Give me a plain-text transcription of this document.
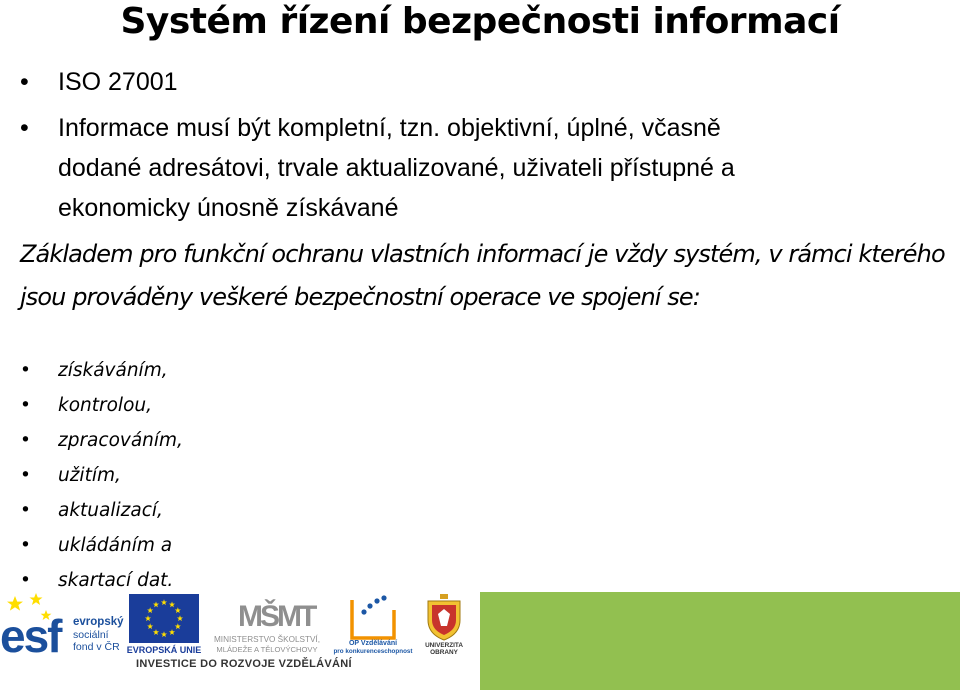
Systém řízení bezpečnosti informací
• ISO 27001
• Informace musí být kompletní, tzn. objektivní, úplné, včasně
dodané adresátovi, trvale aktualizované, uživateli přístupné a
ekonomicky únosně získávané
Základem pro funkční ochranu vlastních informací je vždy systém, v rámci kterého jsou prováděny veškeré bezpečnostní operace ve spojení se:
• získáváním,
• kontrolou,
• zpracováním,
• užitím,
• aktualizací,
• ukládáním a
• skartací dat.
esf evropský
sociální
fond v ČR EVROPSKÁ UNIE
MŠMT
MINISTERSTVO ŠKOLSTVÍ,
MLÁDEŽE A TĚLOVÝCHOVY
OP Vzdělávání
pro konkurenceschopnost
UNIVERZITA
OBRANY
INVESTICE DO ROZVOJE VZDĚLÁVÁNÍ
